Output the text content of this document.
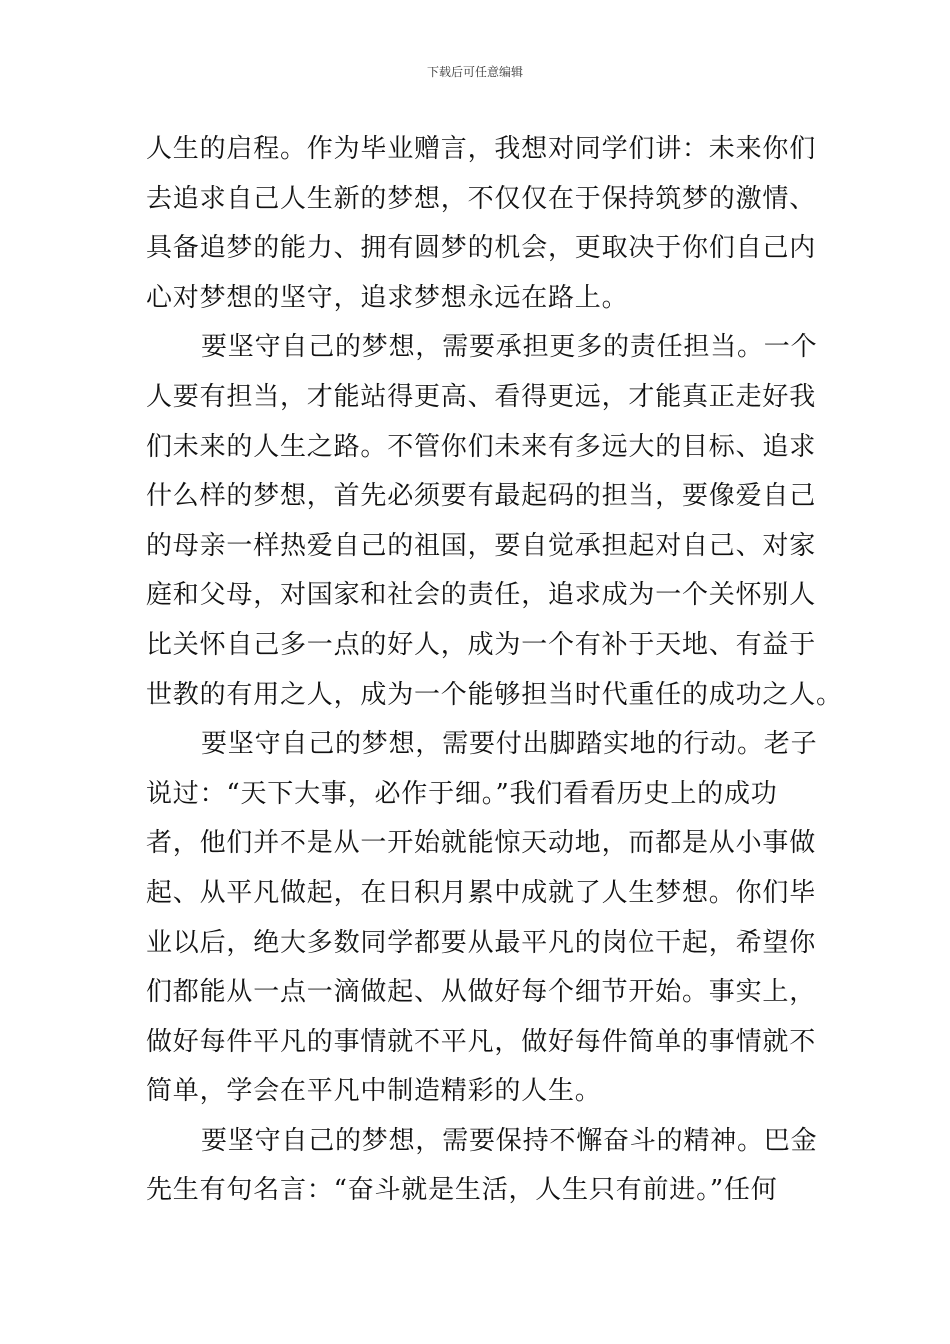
下载后可任意编辑
人生的启程。作为毕业赠言，我想对同学们讲：未来你们
去追求自己人生新的梦想，不仅仅在于保持筑梦的激情、
具备追梦的能力、拥有圆梦的机会，更取决于你们自己内
心对梦想的坚守，追求梦想永远在路上。
要坚守自己的梦想，需要承担更多的责任担当。一个
人要有担当，才能站得更高、看得更远，才能真正走好我
们未来的人生之路。不管你们未来有多远大的目标、追求
什么样的梦想，首先必须要有最起码的担当，要像爱自己
的母亲一样热爱自己的祖国，要自觉承担起对自己、对家
庭和父母，对国家和社会的责任，追求成为一个关怀别人
比关怀自己多一点的好人，成为一个有补于天地、有益于
世教的有用之人，成为一个能够担当时代重任的成功之人。
要坚守自己的梦想，需要付出脚踏实地的行动。老子
说过：“天下大事，必作于细。”我们看看历史上的成功
者，他们并不是从一开始就能惊天动地，而都是从小事做
起、从平凡做起，在日积月累中成就了人生梦想。你们毕
业以后，绝大多数同学都要从最平凡的岗位干起，希望你
们都能从一点一滴做起、从做好每个细节开始。事实上，
做好每件平凡的事情就不平凡，做好每件简单的事情就不
简单，学会在平凡中制造精彩的人生。
要坚守自己的梦想，需要保持不懈奋斗的精神。巴金
先生有句名言：“奋斗就是生活，人生只有前进。”任何
